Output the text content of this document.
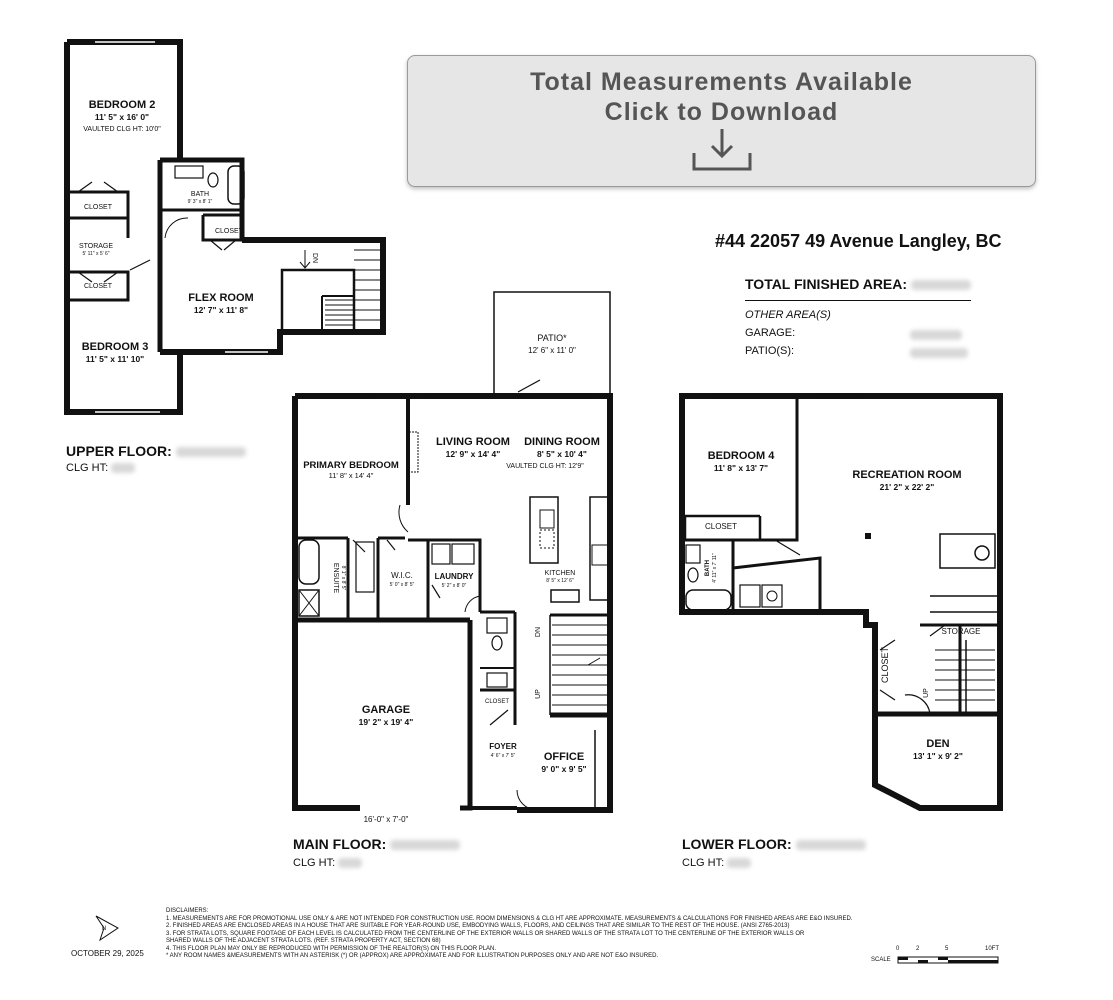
BEDROOM 2
11' 5" x 16' 0"
VAULTED CLG HT: 10'0"
CLOSET
BATH
9' 3" x 8' 1"
CLOSET
STORAGE
5' 11" x 5' 6"
CLOSET
FLEX ROOM
12' 7" x 11' 8"
BEDROOM 3
11' 5" x 11' 10"
DN
PATIO*
12' 6" x 11' 0"
PRIMARY BEDROOM
11' 8" x 14' 4"
LIVING ROOM
12' 9" x 14' 4"
DINING ROOM
8' 5" x 10' 4"
VAULTED CLG HT: 12'9"
KITCHEN
8' 5" x 12' 6"
ENSUITE 8' 1" x 8' 5"	W.I.C.
5' 0" x 8' 5"
LAUNDRY
5' 2" x 8' 0"
GARAGE
19' 2" x 19' 4"
16'-0" x 7'-0"
CLOSET
FOYER
4' 6" x 7' 5"	OFFICE
9' 0" x 9' 5"
DN
UP
BEDROOM 4
11' 8" x 13' 7"
CLOSET
BATH 4' 11" x 7' 11"
RECREATION ROOM
21' 2" x 22' 2"
STORAGE
CLOSET
UP
DEN
13' 1" x 9' 2"
N
Total Measurements Available
Click to Download
#44 22057 49 Avenue Langley, BC
TOTAL FINISHED AREA:
OTHER AREA(S)
GARAGE:
PATIO(S):
UPPER FLOOR:
CLG HT:
MAIN FLOOR:
CLG HT:
LOWER FLOOR:
CLG HT:
DISCLAIMERS:
1. MEASUREMENTS ARE FOR PROMOTIONAL USE ONLY & ARE NOT INTENDED FOR CONSTRUCTION USE. ROOM DIMENSIONS & CLG HT ARE APPROXIMATE. MEASUREMENTS & CALCULATIONS FOR FINISHED AREAS ARE E&O INSURED.
2. FINISHED AREAS ARE ENCLOSED AREAS IN A HOUSE THAT ARE SUITABLE FOR YEAR-ROUND USE, EMBODYING WALLS, FLOORS, AND CEILINGS THAT ARE SIMILAR TO THE REST OF THE HOUSE. (ANSI Z765-2013)
3. FOR STRATA LOTS, SQUARE FOOTAGE OF EACH LEVEL IS CALCULATED FROM THE CENTERLINE OF THE EXTERIOR WALLS OR SHARED WALLS OF THE STRATA LOT TO THE CENTERLINE OF THE EXTERIOR WALLS OR
SHARED WALLS OF THE ADJACENT STRATA LOTS. (REF. STRATA PROPERTY ACT, SECTION 68)
4. THIS FLOOR PLAN MAY ONLY BE REPRODUCED WITH PERMISSION OF THE REALTOR(S) ON THIS FLOOR PLAN.
* ANY ROOM NAMES &MEASUREMENTS WITH AN ASTERISK (*) OR (APPROX) ARE APPROXIMATE AND FOR ILLUSTRATION PURPOSES ONLY AND ARE NOT E&O INSURED.
OCTOBER 29, 2025
SCALE
0	2	5	10FT
